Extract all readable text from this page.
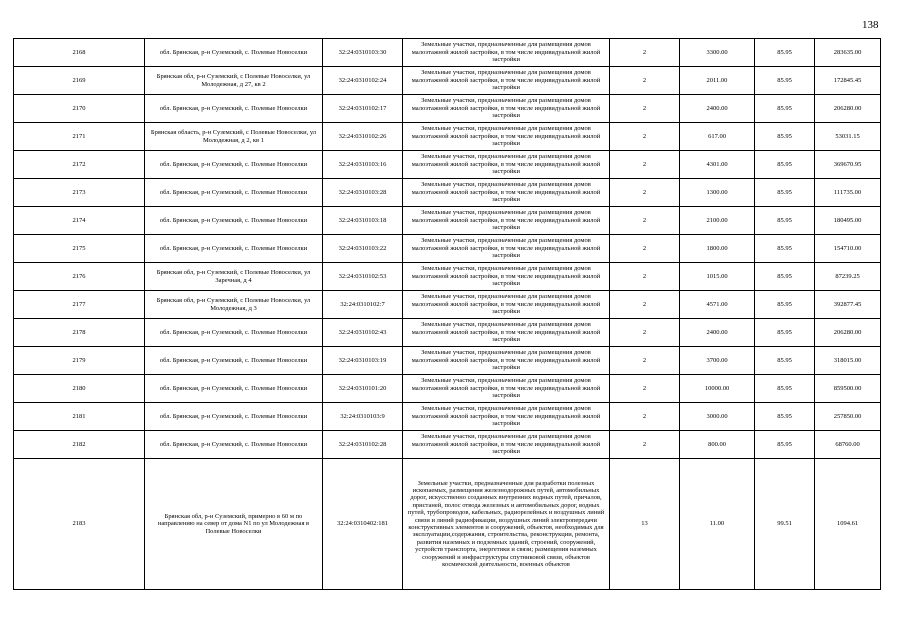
138
2168	обл. Брянская, р-н Суземский, с. Полевые Новоселки	32:24:0310103:30	Земельные участки, предназначенные для размещения домов малоэтажной жилой застройки, в том числе индивидуальной жилой застройки	2	3300.00	85.95	283635.00
2169	Брянская обл, р-н Суземский, с Полевые Новоселки, ул Молодежная, д 27, кв 2	32:24:0310102:24	Земельные участки, предназначенные для размещения домов малоэтажной жилой застройки, в том числе индивидуальной жилой застройки	2	2011.00	85.95	172845.45
2170	обл. Брянская, р-н Суземский, с. Полевые Новоселки	32:24:0310102:17	Земельные участки, предназначенные для размещения домов малоэтажной жилой застройки, в том числе индивидуальной жилой застройки	2	2400.00	85.95	206280.00
2171	Брянская область, р-н Суземский, с Полевые Новоселки, ул Молодежная, д 2, кв 1	32:24:0310102:26	Земельные участки, предназначенные для размещения домов малоэтажной жилой застройки, в том числе индивидуальной жилой застройки	2	617.00	85.95	53031.15
2172	обл. Брянская, р-н Суземский, с. Полевые Новоселки	32:24:0310103:16	Земельные участки, предназначенные для размещения домов малоэтажной жилой застройки, в том числе индивидуальной жилой застройки	2	4301.00	85.95	369670.95
2173	обл. Брянская, р-н Суземский, с. Полевые Новоселки	32:24:0310103:28	Земельные участки, предназначенные для размещения домов малоэтажной жилой застройки, в том числе индивидуальной жилой застройки	2	1300.00	85.95	111735.00
2174	обл. Брянская, р-н Суземский, с. Полевые Новоселки	32:24:0310103:18	Земельные участки, предназначенные для размещения домов малоэтажной жилой застройки, в том числе индивидуальной жилой застройки	2	2100.00	85.95	180495.00
2175	обл. Брянская, р-н Суземский, с. Полевые Новоселки	32:24:0310103:22	Земельные участки, предназначенные для размещения домов малоэтажной жилой застройки, в том числе индивидуальной жилой застройки	2	1800.00	85.95	154710.00
2176	Брянская обл, р-н Суземский, с Полевые Новоселки, ул Заречная, д 4	32:24:0310102:53	Земельные участки, предназначенные для размещения домов малоэтажной жилой застройки, в том числе индивидуальной жилой застройки	2	1015.00	85.95	87239.25
2177	Брянская обл, р-н Суземский, с Полевые Новоселки, ул Молодежная, д 3	32:24:0310102:7	Земельные участки, предназначенные для размещения домов малоэтажной жилой застройки, в том числе индивидуальной жилой застройки	2	4571.00	85.95	392877.45
2178	обл. Брянская, р-н Суземский, с. Полевые Новоселки	32:24:0310102:43	Земельные участки, предназначенные для размещения домов малоэтажной жилой застройки, в том числе индивидуальной жилой застройки	2	2400.00	85.95	206280.00
2179	обл. Брянская, р-н Суземский, с. Полевые Новоселки	32:24:0310103:19	Земельные участки, предназначенные для размещения домов малоэтажной жилой застройки, в том числе индивидуальной жилой застройки	2	3700.00	85.95	318015.00
2180	обл. Брянская, р-н Суземский, с. Полевые Новоселки	32:24:0310101:20	Земельные участки, предназначенные для размещения домов малоэтажной жилой застройки, в том числе индивидуальной жилой застройки	2	10000.00	85.95	859500.00
2181	обл. Брянская, р-н Суземский, с. Полевые Новоселки	32:24:0310103:9	Земельные участки, предназначенные для размещения домов малоэтажной жилой застройки, в том числе индивидуальной жилой застройки	2	3000.00	85.95	257850.00
2182	обл. Брянская, р-н Суземский, с. Полевые Новоселки	32:24:0310102:28	Земельные участки, предназначенные для размещения домов малоэтажной жилой застройки, в том числе индивидуальной жилой застройки	2	800.00	85.95	68760.00
2183	Брянская обл, р-н Суземский, примерно в 60 м по направлению на север от дома N1 по ул Молодежная в Полевые Новоселки	32:24:0310402:181	Земельные участки, предназначенные для разработки полезных ископаемых, размещения железнодорожных путей, автомобильных дорог, искусственно созданных внутренних водных путей, причалов, пристаней, полос отвода железных и автомобильных дорог, водных путей, трубопроводов, кабельных, радиорелейных и воздушных линий связи и линий радиофикации, воздушных линий электропередачи конструктивных элементов и сооружений, объектов, необходимых для эксплуатации,содержания, строительства, реконструкции, ремонта, развития наземных и подземных зданий, строений, сооружений, устройств транспорта, энергетики и связи; размещения наземных сооружений и инфраструктуры спутниковой связи, объектов космической деятельности, военных объектов	13	11.00	99.51	1094.61
